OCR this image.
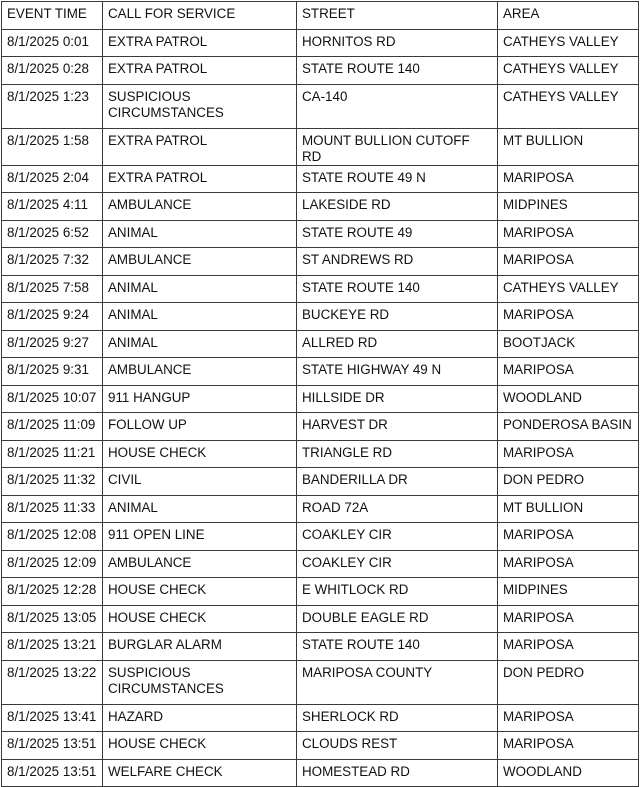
EVENT TIME	CALL FOR SERVICE	STREET	AREA
8/1/2025 0:01	EXTRA PATROL	HORNITOS RD	CATHEYS VALLEY
8/1/2025 0:28	EXTRA PATROL	STATE ROUTE 140	CATHEYS VALLEY
8/1/2025 1:23	SUSPICIOUS CIRCUMSTANCES	CA-140	CATHEYS VALLEY
8/1/2025 1:58	EXTRA PATROL	MOUNT BULLION CUTOFF RD	MT BULLION
8/1/2025 2:04	EXTRA PATROL	STATE ROUTE 49 N	MARIPOSA
8/1/2025 4:11	AMBULANCE	LAKESIDE RD	MIDPINES
8/1/2025 6:52	ANIMAL	STATE ROUTE 49	MARIPOSA
8/1/2025 7:32	AMBULANCE	ST ANDREWS RD	MARIPOSA
8/1/2025 7:58	ANIMAL	STATE ROUTE 140	CATHEYS VALLEY
8/1/2025 9:24	ANIMAL	BUCKEYE RD	MARIPOSA
8/1/2025 9:27	ANIMAL	ALLRED RD	BOOTJACK
8/1/2025 9:31	AMBULANCE	STATE HIGHWAY 49 N	MARIPOSA
8/1/2025 10:07	911 HANGUP	HILLSIDE DR	WOODLAND
8/1/2025 11:09	FOLLOW UP	HARVEST DR	PONDEROSA BASIN
8/1/2025 11:21	HOUSE CHECK	TRIANGLE RD	MARIPOSA
8/1/2025 11:32	CIVIL	BANDERILLA DR	DON PEDRO
8/1/2025 11:33	ANIMAL	ROAD 72A	MT BULLION
8/1/2025 12:08	911 OPEN LINE	COAKLEY CIR	MARIPOSA
8/1/2025 12:09	AMBULANCE	COAKLEY CIR	MARIPOSA
8/1/2025 12:28	HOUSE CHECK	E WHITLOCK RD	MIDPINES
8/1/2025 13:05	HOUSE CHECK	DOUBLE EAGLE RD	MARIPOSA
8/1/2025 13:21	BURGLAR ALARM	STATE ROUTE 140	MARIPOSA
8/1/2025 13:22	SUSPICIOUS CIRCUMSTANCES	MARIPOSA COUNTY	DON PEDRO
8/1/2025 13:41	HAZARD	SHERLOCK RD	MARIPOSA
8/1/2025 13:51	HOUSE CHECK	CLOUDS REST	MARIPOSA
8/1/2025 13:51	WELFARE CHECK	HOMESTEAD RD	WOODLAND
